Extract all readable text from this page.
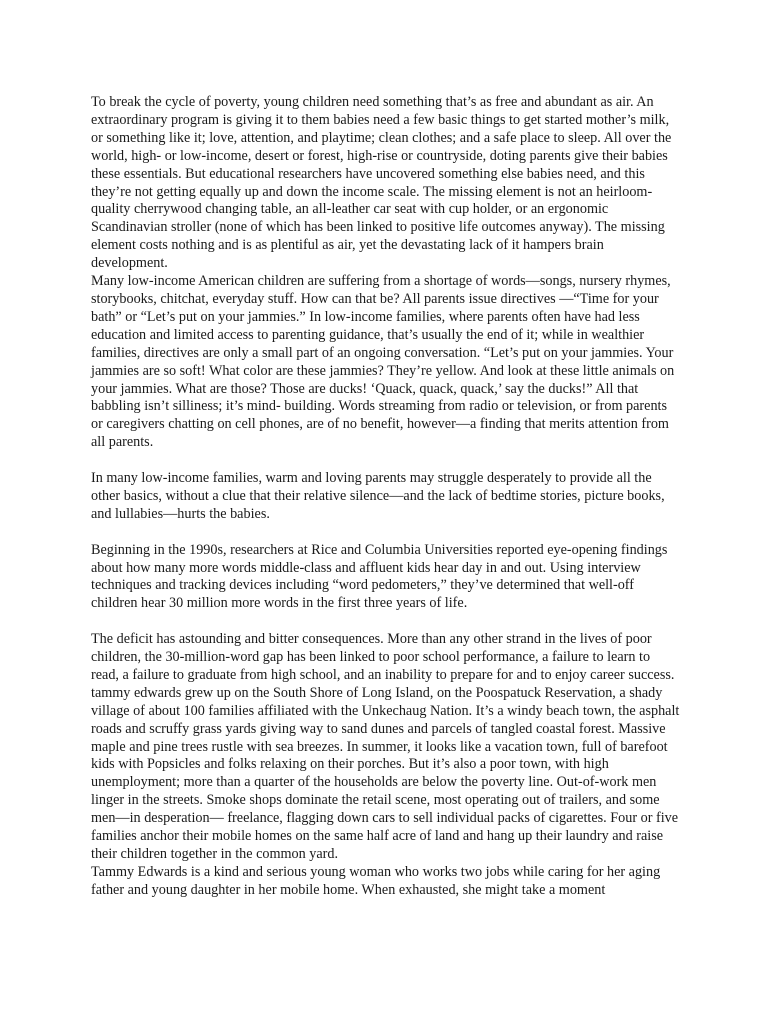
To break the cycle of poverty, young children need something that’s as free and abundant as air. An extraordinary program is giving it to them babies need a few basic things to get started mother’s milk, or something like it; love, attention, and playtime; clean clothes; and a safe place to sleep. All over the world, high- or low-income, desert or forest, high-rise or countryside, doting parents give their babies these essentials. But educational researchers have uncovered something else babies need, and this they’re not getting equally up and down the income scale. The missing element is not an heirloom-quality cherrywood changing table, an all-leather car seat with cup holder, or an ergonomic Scandinavian stroller (none of which has been linked to positive life outcomes anyway). The missing element costs nothing and is as plentiful as air, yet the devastating lack of it hampers brain development.

Many low-income American children are suffering from a shortage of words—songs, nursery rhymes, storybooks, chitchat, everyday stuff. How can that be? All parents issue directives —“Time for your bath” or “Let’s put on your jammies.” In low-income families, where parents often have had less education and limited access to parenting guidance, that’s usually the end of it; while in wealthier families, directives are only a small part of an ongoing conversation. “Let’s put on your jammies. Your jammies are so soft! What color are these jammies? They’re yellow. And look at these little animals on your jammies. What are those? Those are ducks! ‘Quack, quack, quack,’ say the ducks!” All that babbling isn’t silliness; it’s mind- building. Words streaming from radio or television, or from parents or caregivers chatting on cell phones, are of no benefit, however—a finding that merits attention from all parents.

In many low-income families, warm and loving parents may struggle desperately to provide all the other basics, without a clue that their relative silence—and the lack of bedtime stories, picture books, and lullabies—hurts the babies.

Beginning in the 1990s, researchers at Rice and Columbia Universities reported eye-opening findings about how many more words middle-class and affluent kids hear day in and out. Using interview techniques and tracking devices including “word pedometers,” they’ve determined that well-off children hear 30 million more words in the first three years of life.

The deficit has astounding and bitter consequences. More than any other strand in the lives of poor children, the 30-million-word gap has been linked to poor school performance, a failure to learn to read, a failure to graduate from high school, and an inability to prepare for and to enjoy career success. tammy edwards grew up on the South Shore of Long Island, on the Poospatuck Reservation, a shady village of about 100 families affiliated with the Unkechaug Nation. It’s a windy beach town, the asphalt roads and scruffy grass yards giving way to sand dunes and parcels of tangled coastal forest. Massive maple and pine trees rustle with sea breezes. In summer, it looks like a vacation town, full of barefoot kids with Popsicles and folks relaxing on their porches. But it’s also a poor town, with high unemployment; more than a quarter of the households are below the poverty line. Out-of-work men linger in the streets. Smoke shops dominate the retail scene, most operating out of trailers, and some men—in desperation— freelance, flagging down cars to sell individual packs of cigarettes. Four or five families anchor their mobile homes on the same half acre of land and hang up their laundry and raise their children together in the common yard.

Tammy Edwards is a kind and serious young woman who works two jobs while caring for her aging father and young daughter in her mobile home. When exhausted, she might take a moment
